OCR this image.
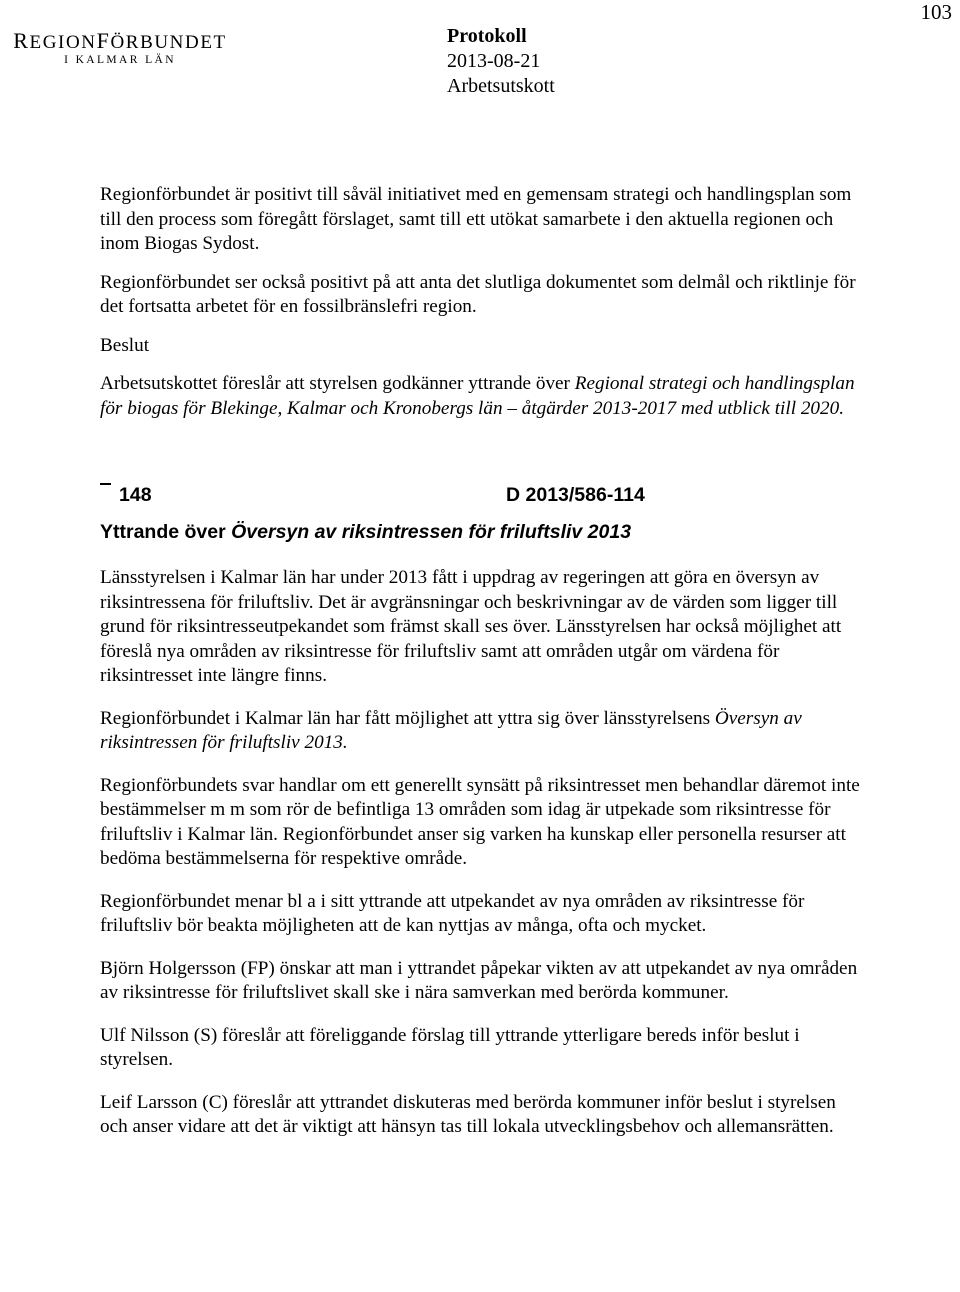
103
REGIONFÖRBUNDET
I KALMAR LÄN
Protokoll
2013-08-21
Arbetsutskott

Regionförbundet är positivt till såväl initiativet med en gemensam strategi och handlingsplan som till den process som föregått förslaget, samt till ett utökat samarbete i den aktuella regionen och inom Biogas Sydost.

Regionförbundet ser också positivt på att anta det slutliga dokumentet som delmål och riktlinje för det fortsatta arbetet för en fossilbränslefri region.

Beslut

Arbetsutskottet föreslår att styrelsen godkänner yttrande över Regional strategi och handlingsplan för biogas för Blekinge, Kalmar och Kronobergs län – åtgärder 2013-2017 med utblick till 2020.

148	D 2013/586-114

Yttrande över Översyn av riksintressen för friluftsliv 2013

Länsstyrelsen i Kalmar län har under 2013 fått i uppdrag av regeringen att göra en översyn av riksintressena för friluftsliv. Det är avgränsningar och beskrivningar av de värden som ligger till grund för riksintresseutpekandet som främst skall ses över. Länsstyrelsen har också möjlighet att föreslå nya områden av riksintresse för friluftsliv samt att områden utgår om värdena för riksintresset inte längre finns.

Regionförbundet i Kalmar län har fått möjlighet att yttra sig över länsstyrelsens Översyn av riksintressen för friluftsliv 2013.

Regionförbundets svar handlar om ett generellt synsätt på riksintresset men behandlar däremot inte bestämmelser m m som rör de befintliga 13 områden som idag är utpekade som riksintresse för friluftsliv i Kalmar län. Regionförbundet anser sig varken ha kunskap eller personella resurser att bedöma bestämmelserna för respektive område.

Regionförbundet menar bl a i sitt yttrande att utpekandet av nya områden av riksintresse för friluftsliv bör beakta möjligheten att de kan nyttjas av många, ofta och mycket.

Björn Holgersson (FP) önskar att man i yttrandet påpekar vikten av att utpekandet av nya områden av riksintresse för friluftslivet skall ske i nära samverkan med berörda kommuner.

Ulf Nilsson (S) föreslår att föreliggande förslag till yttrande ytterligare bereds inför beslut i styrelsen.

Leif Larsson (C) föreslår att yttrandet diskuteras med berörda kommuner inför beslut i styrelsen och anser vidare att det är viktigt att hänsyn tas till lokala utvecklingsbehov och allemansrätten.
